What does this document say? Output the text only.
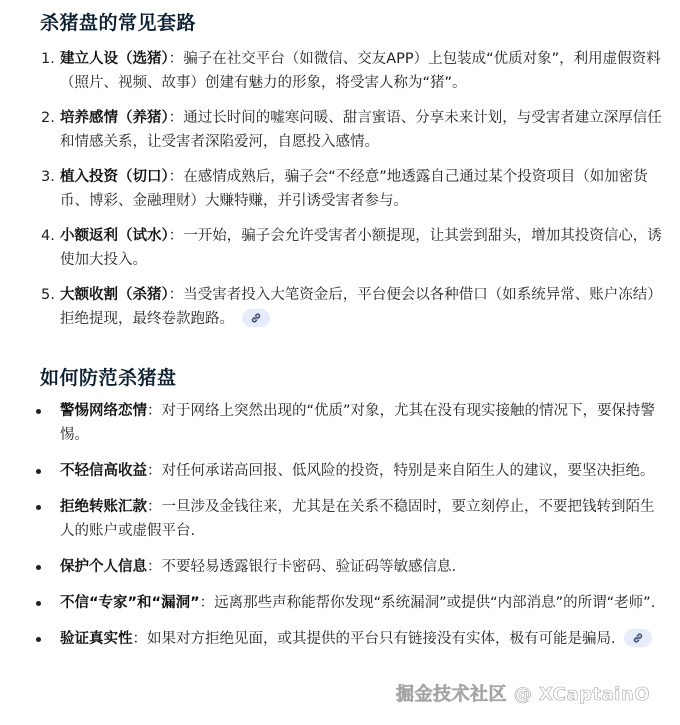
杀猪盘的常见套路
1. 建立人设（选猪）：骗子在社交平台（如微信、交友APP）上包装成“优质对象”，利用虚假资料（照片、视频、故事）创建有魅力的形象，将受害人称为“猪”。
2. 培养感情（养猪）：通过长时间的嘘寒问暖、甜言蜜语、分享未来计划，与受害者建立深厚信任和情感关系，让受害者深陷爱河，自愿投入感情。
3. 植入投资（切口）：在感情成熟后，骗子会“不经意”地透露自己通过某个投资项目（如加密货币、博彩、金融理财）大赚特赚，并引诱受害者参与。
4. 小额返利（试水）：一开始，骗子会允许受害者小额提现，让其尝到甜头，增加其投资信心，诱使加大投入。
5. 大额收割（杀猪）：当受害者投入大笔资金后，平台便会以各种借口（如系统异常、账户冻结）拒绝提现，最终卷款跑路。
如何防范杀猪盘
警惕网络恋情：对于网络上突然出现的“优质”对象，尤其在没有现实接触的情况下，要保持警惕。
不轻信高收益：对任何承诺高回报、低风险的投资，特别是来自陌生人的建议，要坚决拒绝。
拒绝转账汇款：一旦涉及金钱往来，尤其是在关系不稳固时，要立刻停止，不要把钱转到陌生人的账户或虚假平台.
保护个人信息：不要轻易透露银行卡密码、验证码等敏感信息.
不信“专家”和“漏洞”：远离那些声称能帮你发现“系统漏洞”或提供“内部消息”的所谓“老师”.
验证真实性：如果对方拒绝见面，或其提供的平台只有链接没有实体，极有可能是骗局.
掘金技术社区 @ XCaptainO
